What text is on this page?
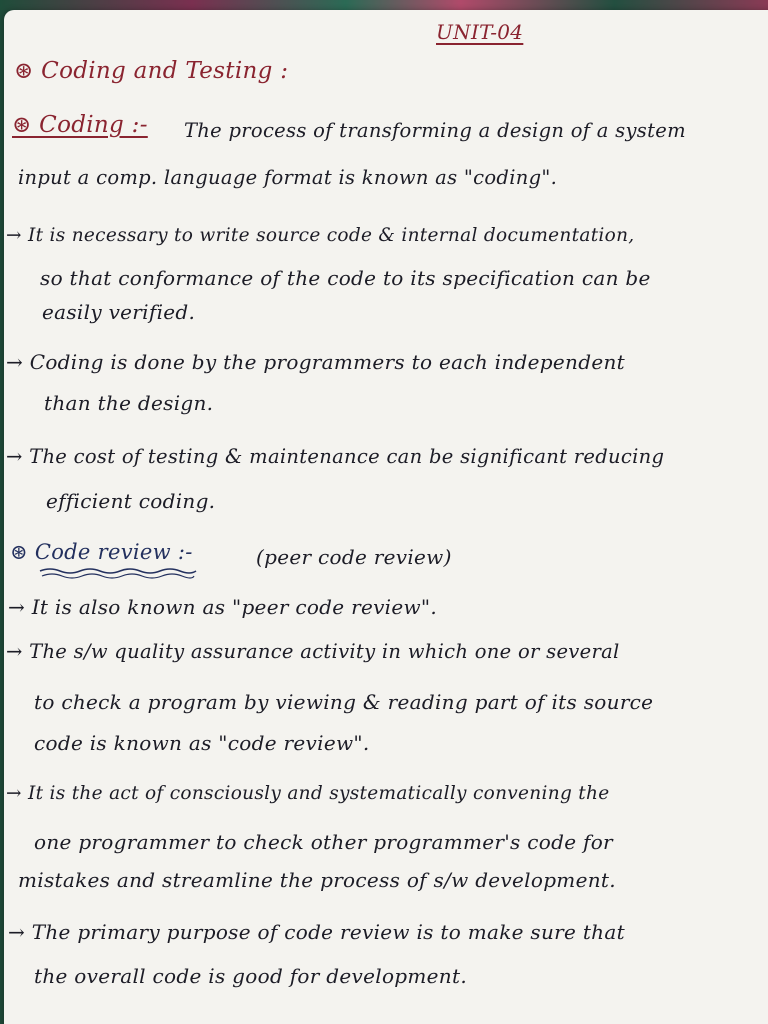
UNIT-04
⊛ Coding and Testing :
⊛ Coding :- The process of transforming a design of a system
input a comp. language format is known as "coding".
→ It is necessary to write source code & internal documentation,
so that conformance of the code to its specification can be
easily verified.
→ Coding is done by the programmers to each independent
than the design.
→ The cost of testing & maintenance can be significant reducing
efficient coding.
⊛ Code review :-	(peer code review)
→ It is also known as "peer code review".
→ The s/w quality assurance activity in which one or several
to check a program by viewing & reading part of its source
code is known as "code review".
→ It is the act of consciously and systematically convening the
one programmer to check other programmer's code for
mistakes and streamline the process of s/w development.
→ The primary purpose of code review is to make sure that
the overall code is good for development.
